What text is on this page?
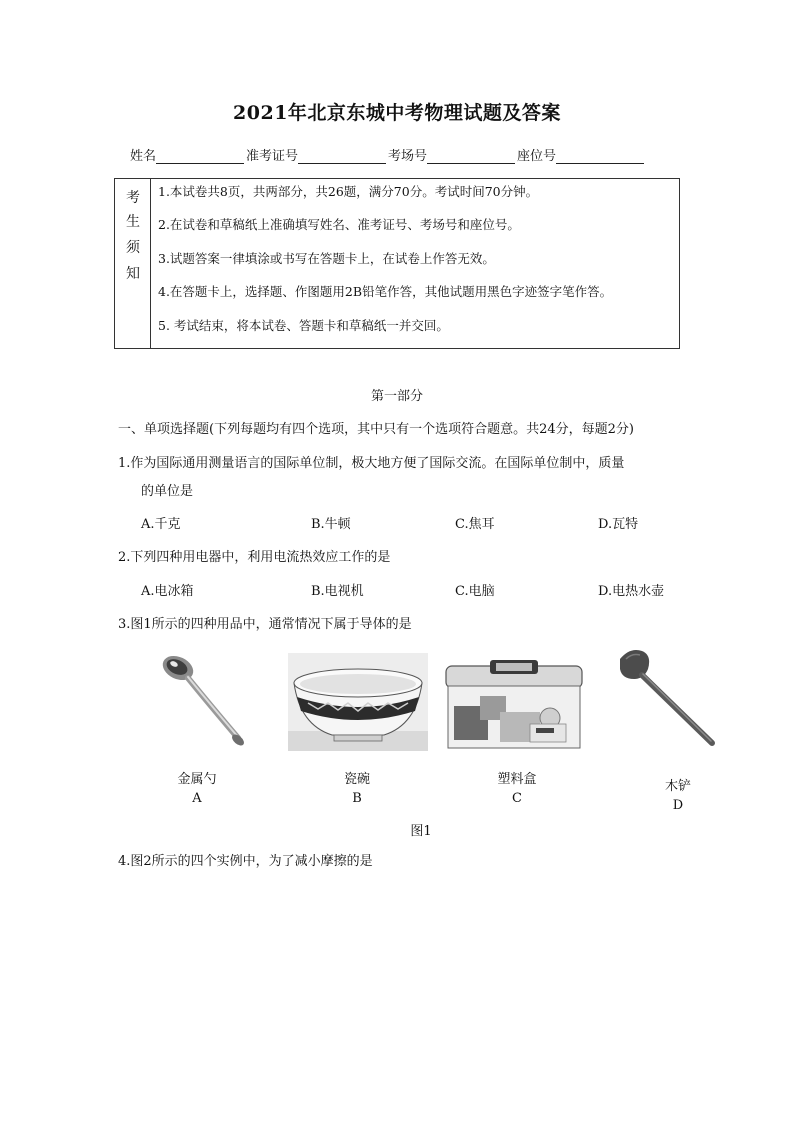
2021年北京东城中考物理试题及答案
姓名	准考证号	考场号	座位号
考
生
须
知
1.本试卷共8页，共两部分，共26题，满分70分。考试时间70分钟。
2.在试卷和草稿纸上准确填写姓名、准考证号、考场号和座位号。
3.试题答案一律填涂或书写在答题卡上，在试卷上作答无效。
4.在答题卡上，选择题、作图题用2B铅笔作答，其他试题用黑色字迹签字笔作答。
5. 考试结束，将本试卷、答题卡和草稿纸一并交回。
第一部分
一、单项选择题(下列每题均有四个选项，其中只有一个选项符合题意。共24分，每题2分)
1.作为国际通用测量语言的国际单位制，极大地方便了国际交流。在国际单位制中，质量
的单位是
A.千克	B.牛顿	C.焦耳	D.瓦特
2.下列四种用电器中，利用电流热效应工作的是
A.电冰箱	B.电视机	C.电脑	D.电热水壶
3.图1所示的四种用品中，通常情况下属于导体的是
金属勺
A
瓷碗
B
塑料盒
C
木铲
D
图1
4.图2所示的四个实例中，为了减小摩擦的是
